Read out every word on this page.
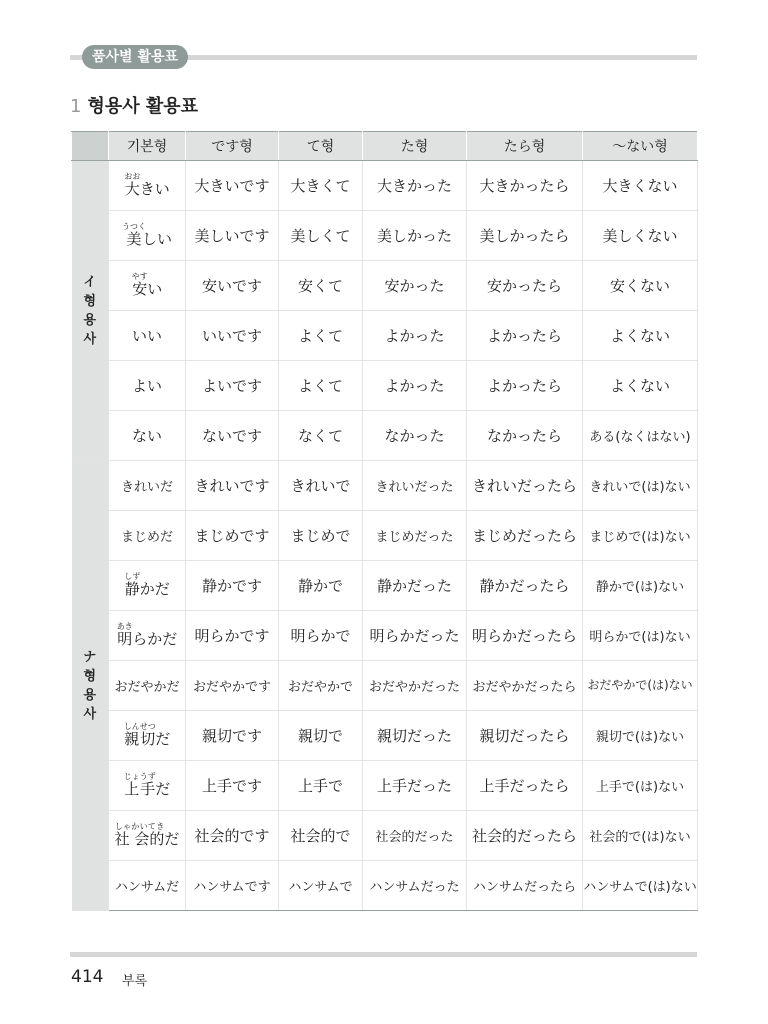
품사별 활용표
1 형용사 활용표
	기본형	です형	て형	た형	たら형	～ない형
イ 형 용 사	大おおきい	大きいです	大きくて	大きかった	大きかったら	大きくない
	美うつくしい	美しいです	美しくて	美しかった	美しかったら	美しくない
	安やすい	安いです	安くて	安かった	安かったら	安くない
	いい	いいです	よくて	よかった	よかったら	よくない
	よい	よいです	よくて	よかった	よかったら	よくない
	ない	ないです	なくて	なかった	なかったら	ある(なくはない)
ナ 형 용 사	きれいだ	きれいです	きれいで	きれいだった	きれいだったら	きれいで(は)ない
	まじめだ	まじめです	まじめで	まじめだった	まじめだったら	まじめで(は)ない
	静しずかだ	静かです	静かで	静かだった	静かだったら	静かで(は)ない
	明あきらかだ	明らかです	明らかで	明らかだった	明らかだったら	明らかで(は)ない
	おだやかだ	おだやかです	おだやかで	おだやかだった	おだやかだったら	おだやかで(は)ない
	親切しんせつだ	親切です	親切で	親切だった	親切だったら	親切で(は)ない
	上手じょうずだ	上手です	上手で	上手だった	上手だったら	上手で(は)ない
	社 会的しゃかいてきだ	社会的です	社会的で	社会的だった	社会的だったら	社会的で(は)ない
	ハンサムだ	ハンサムです	ハンサムで	ハンサムだった	ハンサムだったら	ハンサムで(は)ない
414 부록
